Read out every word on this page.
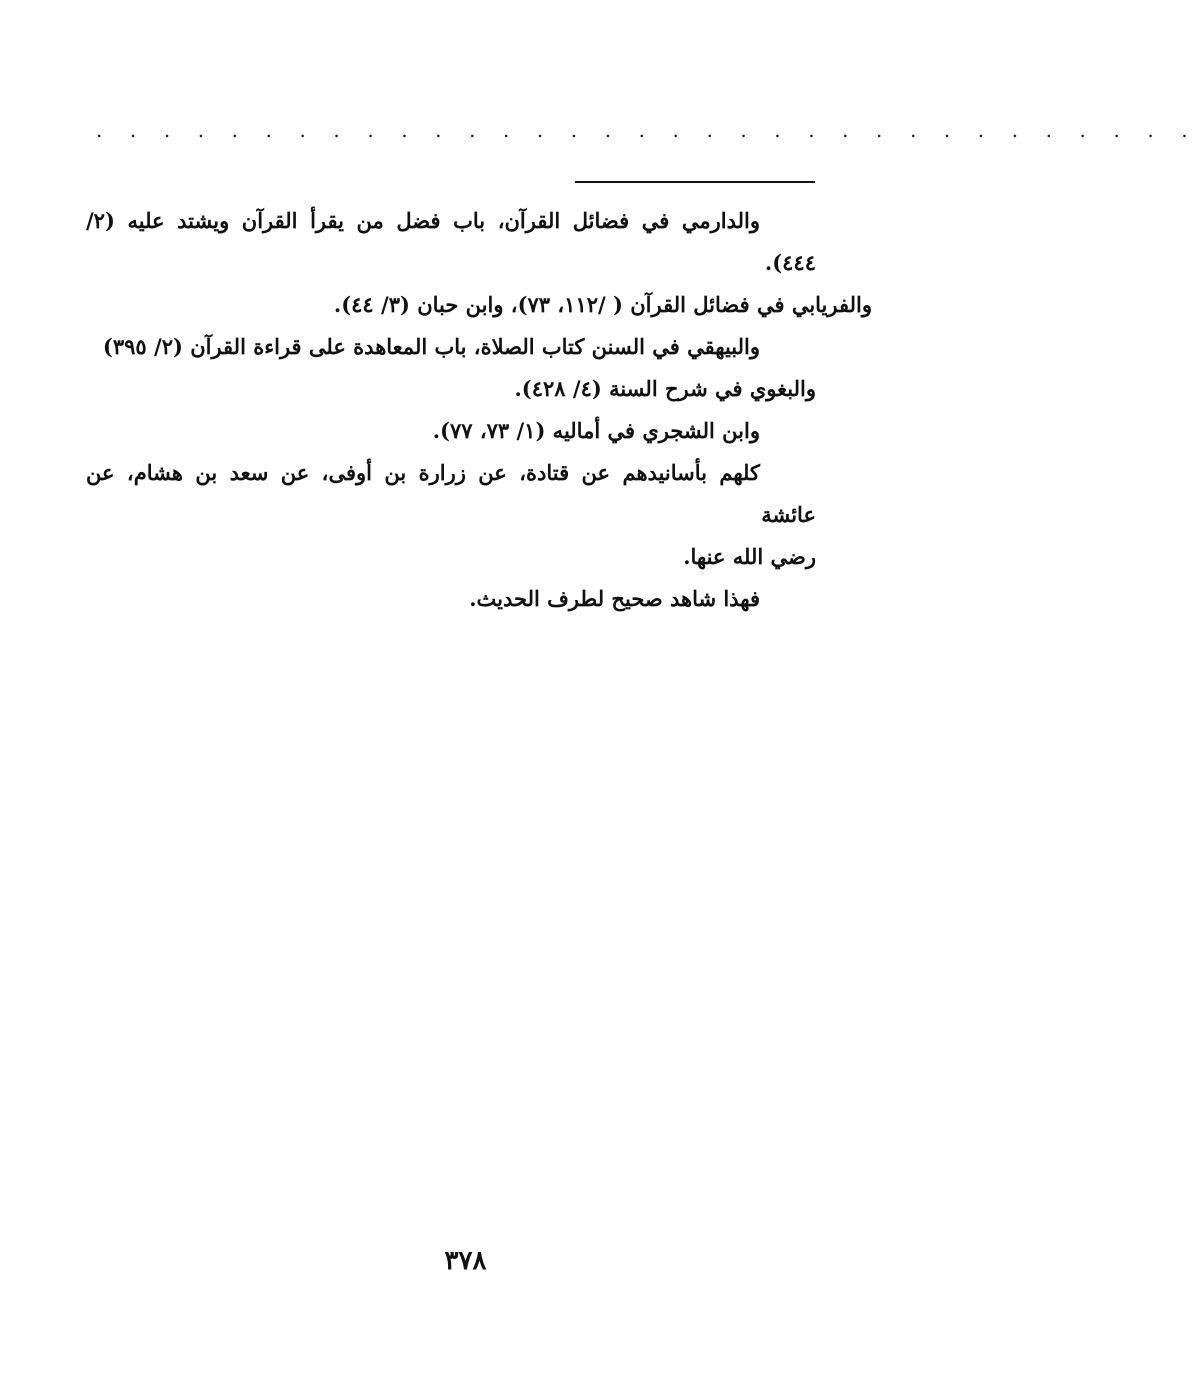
. . . . . . . . . . . . . . . . . . . . . . . . . . . . . . . . .

والدارمي في فضائل القرآن، باب فضل من يقرأ القرآن ويشتد عليه (٢/ ٤٤٤).
والفريابي في فضائل القرآن ( /١١٢، ٧٣)، وابن حبان (٣/ ٤٤).

والبيهقي في السنن كتاب الصلاة، باب المعاهدة على قراءة القرآن (٢/ ٣٩٥)
والبغوي في شرح السنة (٤/ ٤٢٨).

وابن الشجري في أماليه (١/ ٧٣، ٧٧).

كلهم بأسانيدهم عن قتادة، عن زرارة بن أوفى، عن سعد بن هشام، عن عائشة
رضي الله عنها.

فهذا شاهد صحيح لطرف الحديث.

٣٧٨
